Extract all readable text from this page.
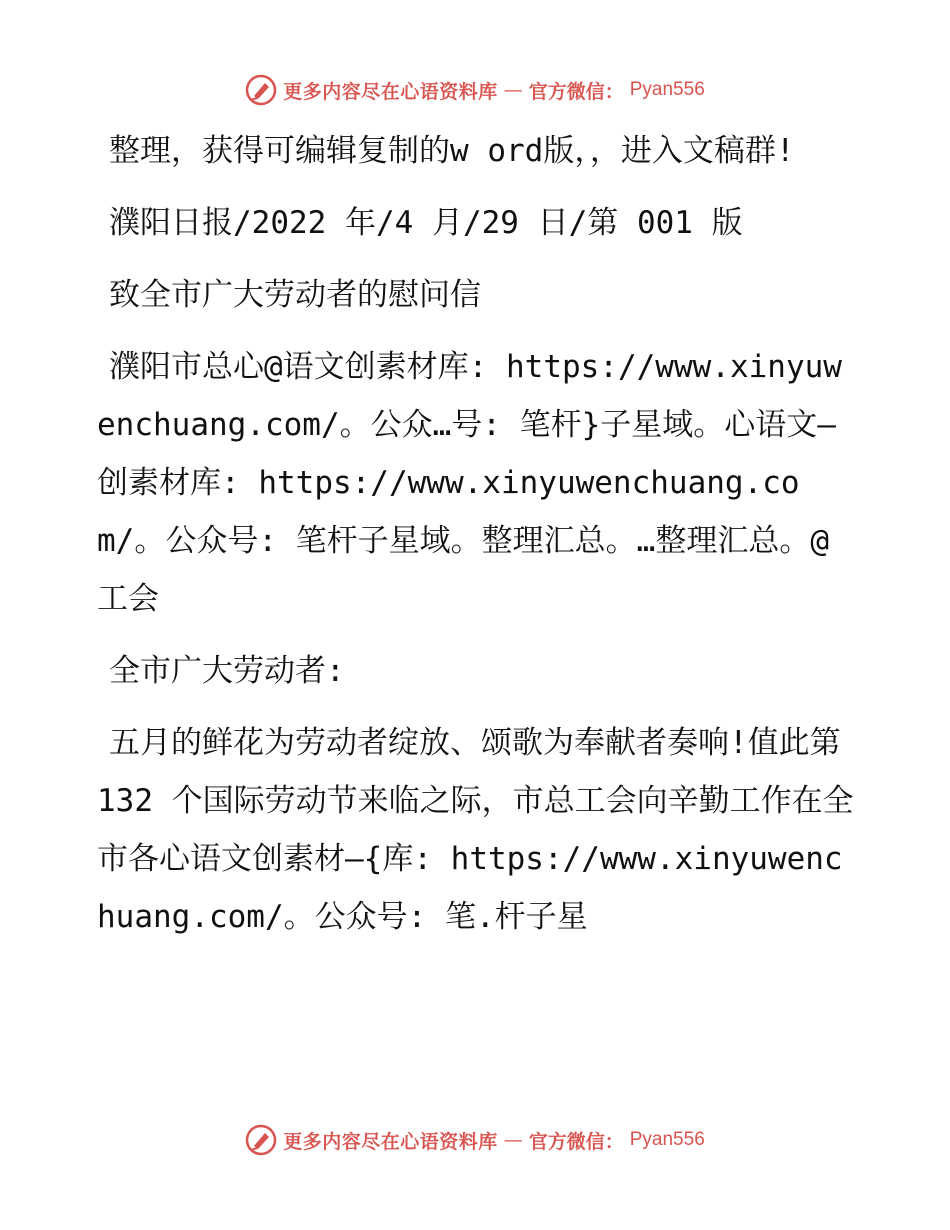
更多内容尽在心语资料库 — 官方微信： Pyan556

整理，获得可编辑复制的w ord版，，进入文稿群!

濮阳日报/2022 年/4 月/29 日/第 001 版

致全市广大劳动者的慰问信

濮阳市总心@语文创素材库: https://www.xinyuwenchuang.com/。公众…号: 笔杆}子星域。心语文—创素材库: https://www.xinyuwenchuang.com/。公众号: 笔杆子星域。整理汇总。…整理汇总。@工会

全市广大劳动者:

五月的鲜花为劳动者绽放、颂歌为奉献者奏响!值此第 132 个国际劳动节来临之际，市总工会向辛勤工作在全市各心语文创素材—{库: https://www.xinyuwenchuang.com/。公众号: 笔.杆子星

更多内容尽在心语资料库 — 官方微信： Pyan556
